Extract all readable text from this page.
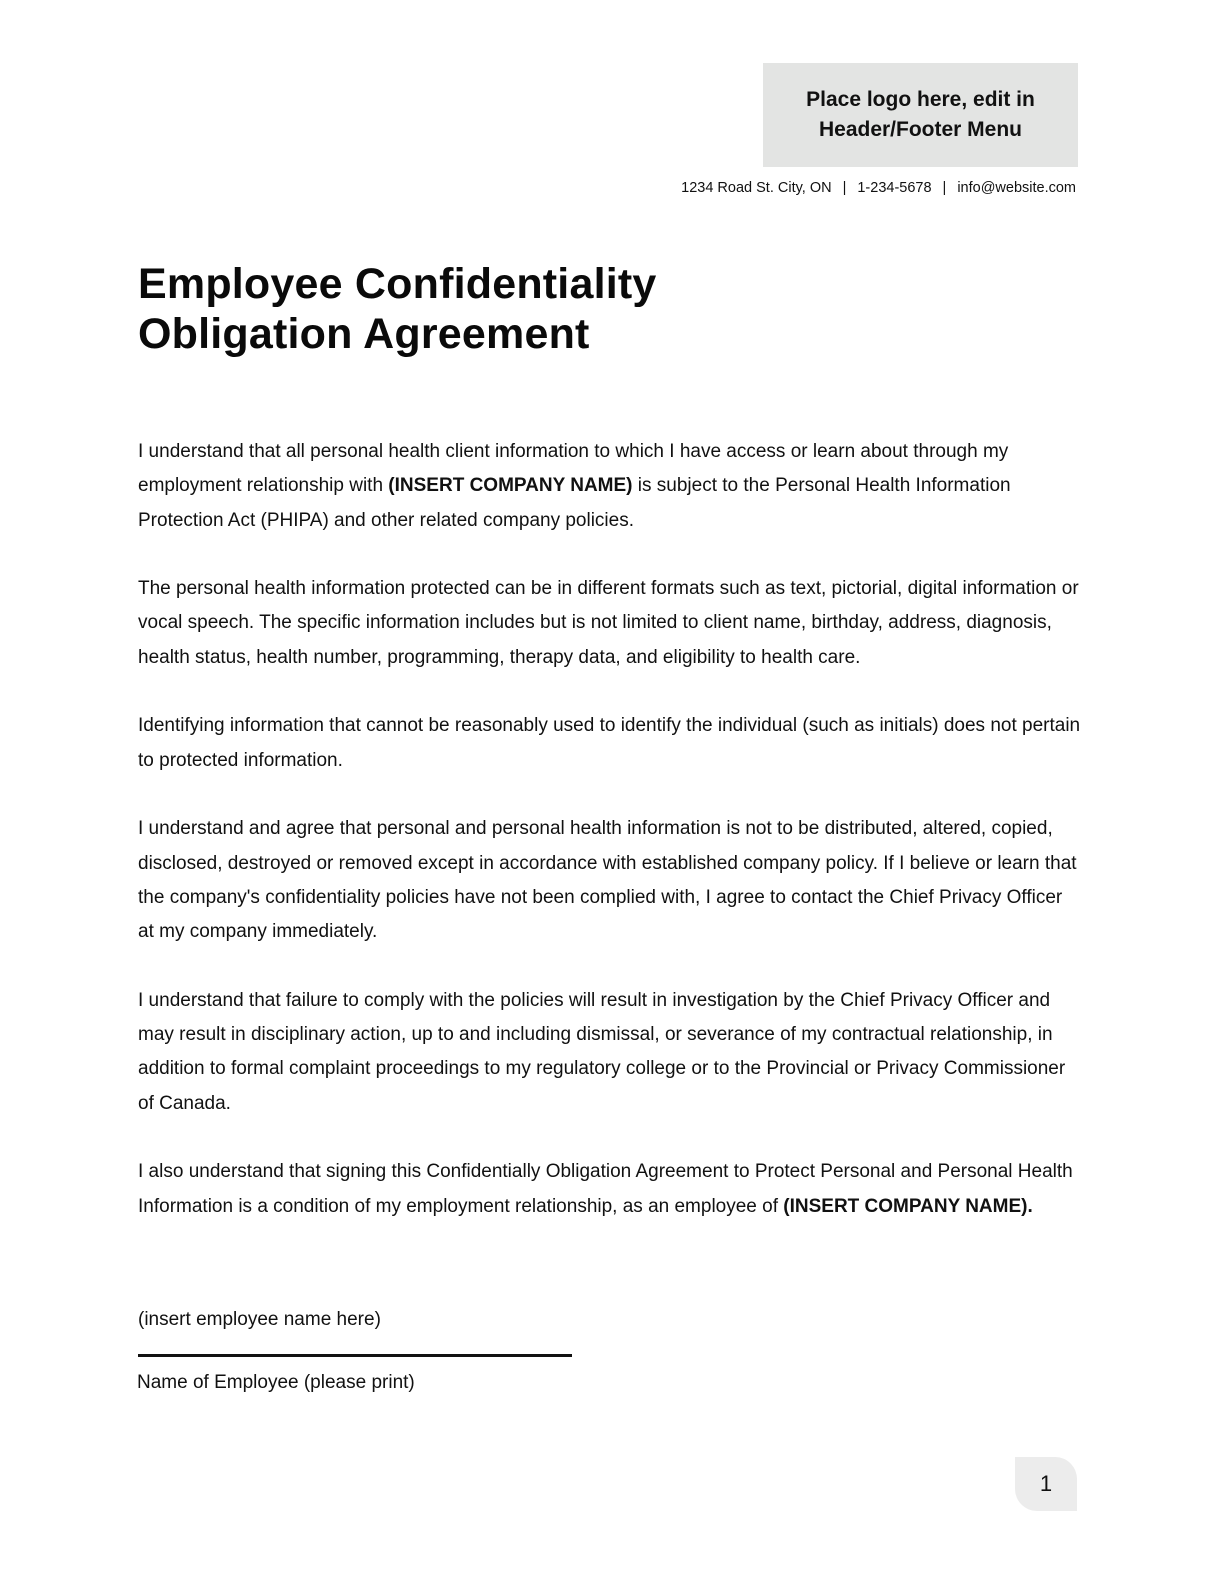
Place logo here, edit in
Header/Footer Menu
1234 Road St. City, ON | 1-234-5678 | info@website.com
Employee Confidentiality
Obligation Agreement

I understand that all personal health client information to which I have access or learn about through my employment relationship with (INSERT COMPANY NAME) is subject to the Personal Health Information Protection Act (PHIPA) and other related company policies.

The personal health information protected can be in different formats such as text, pictorial, digital information or vocal speech. The specific information includes but is not limited to client name, birthday, address, diagnosis, health status, health number, programming, therapy data, and eligibility to health care.

Identifying information that cannot be reasonably used to identify the individual (such as initials) does not pertain to protected information.

I understand and agree that personal and personal health information is not to be distributed, altered, copied, disclosed, destroyed or removed except in accordance with established company policy. If I believe or learn that the company's confidentiality policies have not been complied with, I agree to contact the Chief Privacy Officer at my company immediately.

I understand that failure to comply with the policies will result in investigation by the Chief Privacy Officer and may result in disciplinary action, up to and including dismissal, or severance of my contractual relationship, in addition to formal complaint proceedings to my regulatory college or to the Provincial or Privacy Commissioner of Canada.

I also understand that signing this Confidentially Obligation Agreement to Protect Personal and Personal Health Information is a condition of my employment relationship, as an employee of (INSERT COMPANY NAME).

(insert employee name here)
Name of Employee (please print)
1
